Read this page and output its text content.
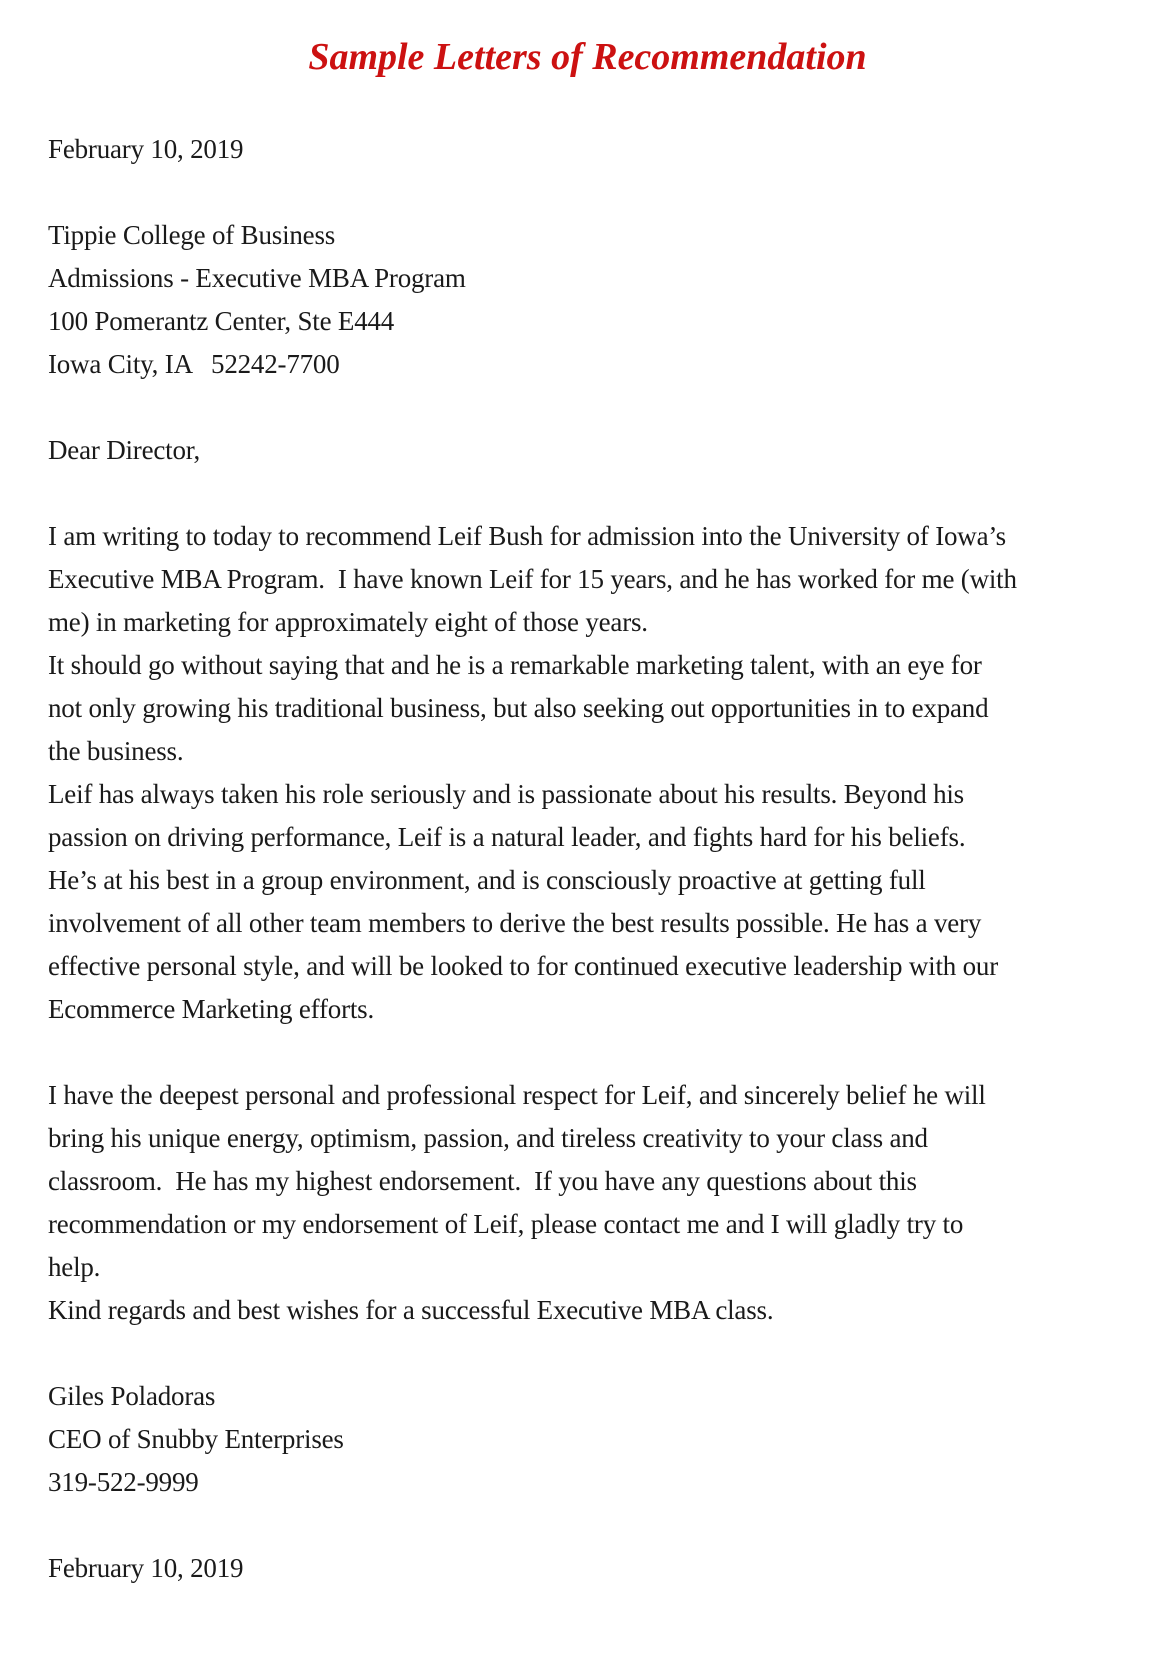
Sample Letters of Recommendation

February 10, 2019

Tippie College of Business
Admissions - Executive MBA Program
100 Pomerantz Center, Ste E444
Iowa City, IA   52242-7700

Dear Director,

I am writing to today to recommend Leif Bush for admission into the University of Iowa’s
Executive MBA Program.  I have known Leif for 15 years, and he has worked for me (with
me) in marketing for approximately eight of those years.
It should go without saying that and he is a remarkable marketing talent, with an eye for
not only growing his traditional business, but also seeking out opportunities in to expand
the business.
Leif has always taken his role seriously and is passionate about his results. Beyond his
passion on driving performance, Leif is a natural leader, and fights hard for his beliefs.
He’s at his best in a group environment, and is consciously proactive at getting full
involvement of all other team members to derive the best results possible. He has a very
effective personal style, and will be looked to for continued executive leadership with our
Ecommerce Marketing efforts.
I have the deepest personal and professional respect for Leif, and sincerely belief he will
bring his unique energy, optimism, passion, and tireless creativity to your class and
classroom.  He has my highest endorsement.  If you have any questions about this
recommendation or my endorsement of Leif, please contact me and I will gladly try to
help.

Kind regards and best wishes for a successful Executive MBA class.

Giles Poladoras
CEO of Snubby Enterprises
319-522-9999

February 10, 2019
